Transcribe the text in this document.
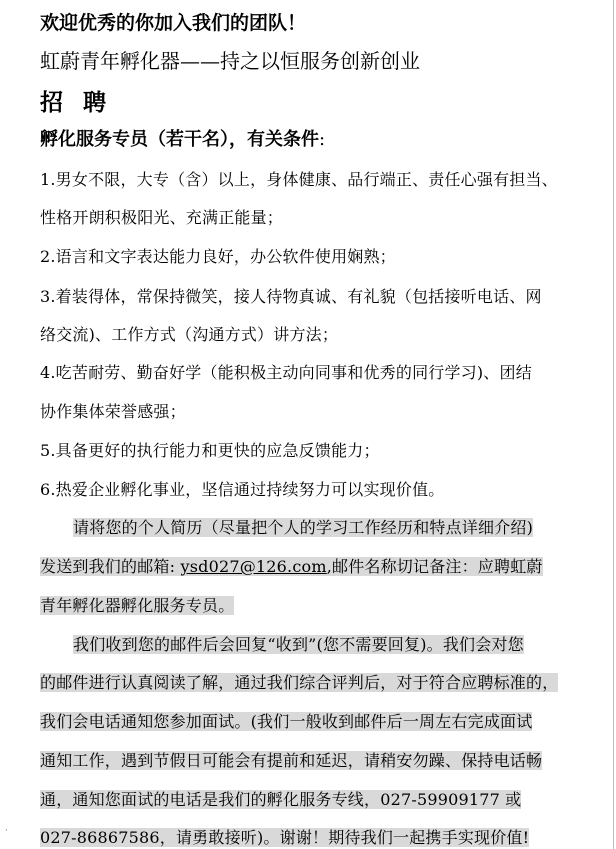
·
欢迎优秀的你加入我们的团队！
虹蔚青年孵化器——持之以恒服务创新创业
招 聘
孵化服务专员（若干名），有关条件:
1.男女不限，大专（含）以上，身体健康、品行端正、责任心强有担当、
性格开朗积极阳光、充满正能量；
2.语言和文字表达能力良好，办公软件使用娴熟；
3.着装得体，常保持微笑，接人待物真诚、有礼貌（包括接听电话、网
络交流)、工作方式（沟通方式）讲方法；
4.吃苦耐劳、勤奋好学（能积极主动向同事和优秀的同行学习)、团结
协作集体荣誉感强；
5.具备更好的执行能力和更快的应急反馈能力；
6.热爱企业孵化事业，坚信通过持续努力可以实现价值。
请将您的个人简历（尽量把个人的学习工作经历和特点详细介绍)
发送到我们的邮箱: ysd027@126.com,邮件名称切记备注：应聘虹蔚
青年孵化器孵化服务专员。
我们收到您的邮件后会回复“收到”(您不需要回复)。我们会对您
的邮件进行认真阅读了解，通过我们综合评判后，对于符合应聘标准的，
我们会电话通知您参加面试。(我们一般收到邮件后一周左右完成面试
通知工作，遇到节假日可能会有提前和延迟，请稍安勿躁、保持电话畅
通，通知您面试的电话是我们的孵化服务专线，027-59909177 或
027-86867586，请勇敢接听)。谢谢！期待我们一起携手实现价值!
